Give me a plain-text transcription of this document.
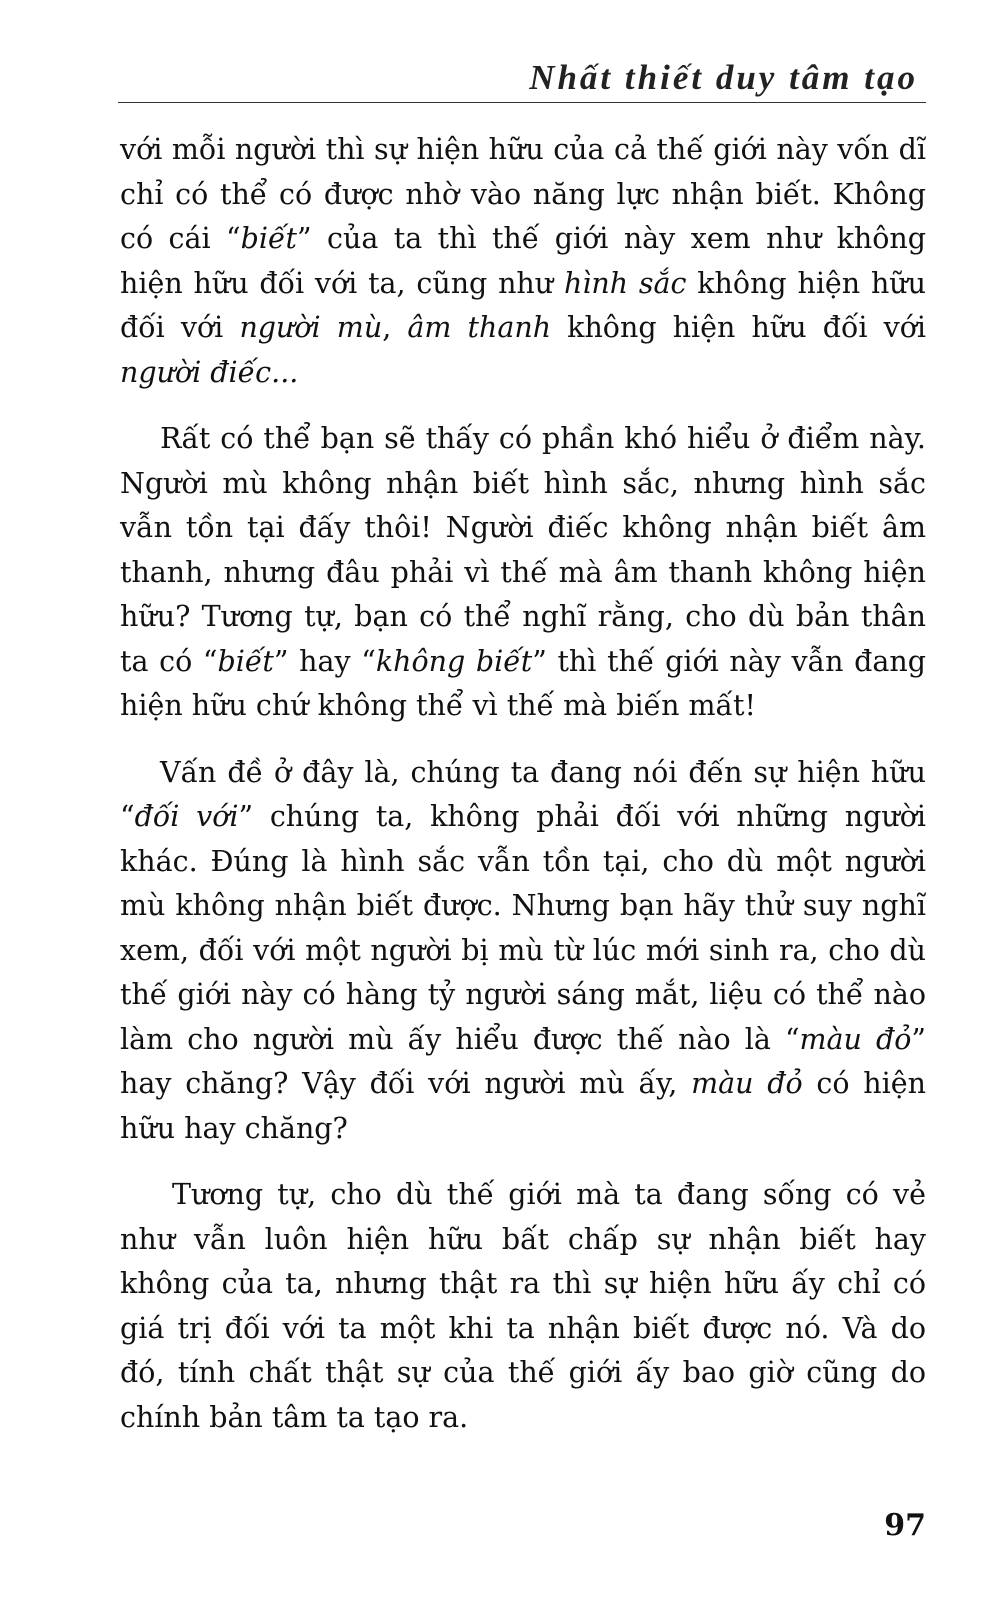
Nhất thiết duy tâm tạo

với mỗi người thì sự hiện hữu của cả thế giới này vốn dĩ chỉ có thể có được nhờ vào năng lực nhận biết. Không có cái “biết” của ta thì thế giới này xem như không hiện hữu đối với ta, cũng như hình sắc không hiện hữu đối với người mù, âm thanh không hiện hữu đối với người điếc...

Rất có thể bạn sẽ thấy có phần khó hiểu ở điểm này. Người mù không nhận biết hình sắc, nhưng hình sắc vẫn tồn tại đấy thôi! Người điếc không nhận biết âm thanh, nhưng đâu phải vì thế mà âm thanh không hiện hữu? Tương tự, bạn có thể nghĩ rằng, cho dù bản thân ta có “biết” hay “không biết” thì thế giới này vẫn đang hiện hữu chứ không thể vì thế mà biến mất!

Vấn đề ở đây là, chúng ta đang nói đến sự hiện hữu “đối với” chúng ta, không phải đối với những người khác. Đúng là hình sắc vẫn tồn tại, cho dù một người mù không nhận biết được. Nhưng bạn hãy thử suy nghĩ xem, đối với một người bị mù từ lúc mới sinh ra, cho dù thế giới này có hàng tỷ người sáng mắt, liệu có thể nào làm cho người mù ấy hiểu được thế nào là “màu đỏ” hay chăng? Vậy đối với người mù ấy, màu đỏ có hiện hữu hay chăng?

Tương tự, cho dù thế giới mà ta đang sống có vẻ như vẫn luôn hiện hữu bất chấp sự nhận biết hay không của ta, nhưng thật ra thì sự hiện hữu ấy chỉ có giá trị đối với ta một khi ta nhận biết được nó. Và do đó, tính chất thật sự của thế giới ấy bao giờ cũng do chính bản tâm ta tạo ra.

97
